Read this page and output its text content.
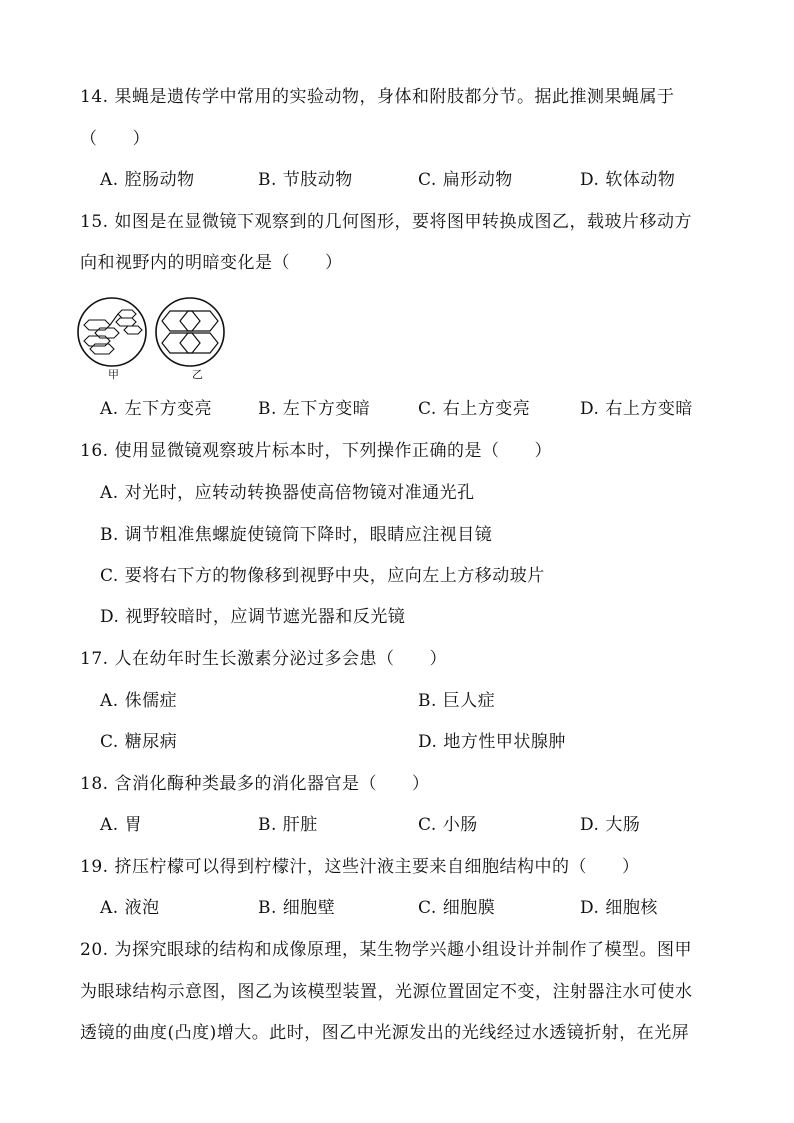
14. 果蝇是遗传学中常用的实验动物，身体和附肢都分节。据此推测果蝇属于
（　　）
A. 腔肠动物	B. 节肢动物	C. 扁形动物	D. 软体动物
15. 如图是在显微镜下观察到的几何图形，要将图甲转换成图乙，载玻片移动方
向和视野内的明暗变化是（　　）
甲	乙
A. 左下方变亮	B. 左下方变暗	C. 右上方变亮	D. 右上方变暗
16. 使用显微镜观察玻片标本时，下列操作正确的是（　　）
A. 对光时，应转动转换器使高倍物镜对准通光孔
B. 调节粗准焦螺旋使镜筒下降时，眼睛应注视目镜
C. 要将右下方的物像移到视野中央，应向左上方移动玻片
D. 视野较暗时，应调节遮光器和反光镜
17. 人在幼年时生长激素分泌过多会患（　　）
A. 侏儒症	B. 巨人症
C. 糖尿病	D. 地方性甲状腺肿
18. 含消化酶种类最多的消化器官是（　　）
A. 胃	B. 肝脏	C. 小肠	D. 大肠
19. 挤压柠檬可以得到柠檬汁，这些汁液主要来自细胞结构中的（　　）
A. 液泡	B. 细胞壁	C. 细胞膜	D. 细胞核
20. 为探究眼球的结构和成像原理，某生物学兴趣小组设计并制作了模型。图甲
为眼球结构示意图，图乙为该模型装置，光源位置固定不变，注射器注水可使水
透镜的曲度(凸度)增大。此时，图乙中光源发出的光线经过水透镜折射，在光屏
